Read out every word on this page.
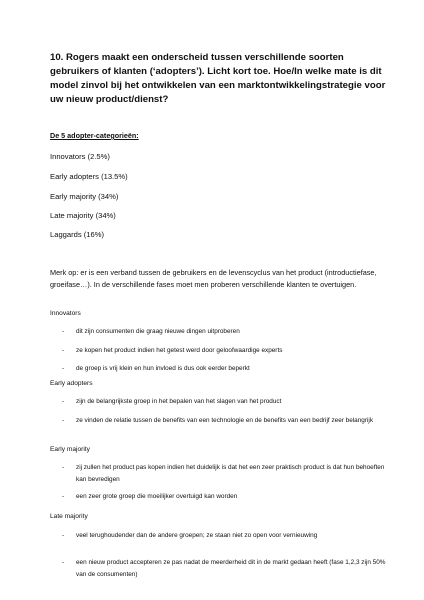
10. Rogers maakt een onderscheid tussen verschillende soorten gebruikers of klanten (‘adopters’). Licht kort toe. Hoe/In welke mate is dit model zinvol bij het ontwikkelen van een marktontwikkelingstrategie voor uw nieuw product/dienst?
De 5 adopter-categorieën:
Innovators (2.5%)
Early adopters (13.5%)
Early majority (34%)
Late majority (34%)
Laggards (16%)
Merk op: er is een verband tussen de gebruikers en de levenscyclus van het product (introductiefase, groeifase…). In de verschillende fases moet men proberen verschillende klanten te overtuigen.
Innovators
- dit zijn consumenten die graag nieuwe dingen uitproberen
- ze kopen het product indien het getest werd door geloofwaardige experts
- de groep is vrij klein en hun invloed is dus ook eerder beperkt
Early adopters
- zijn de belangrijkste groep in het bepalen van het slagen van het product
- ze vinden de relatie tussen de benefits van een technologie en de benefits van een bedrijf zeer belangrijk
Early majority
- zij zullen het product pas kopen indien het duidelijk is dat het een zeer praktisch product is dat hun behoeften kan bevredigen
- een zeer grote groep die moeilijker overtuigd kan worden
Late majority
- veel terughoudender dan de andere groepen; ze staan niet zo open voor vernieuwing
- een nieuw product accepteren ze pas nadat de meerderheid dit in de markt gedaan heeft (fase 1,2,3 zijn 50% van de consumenten)
